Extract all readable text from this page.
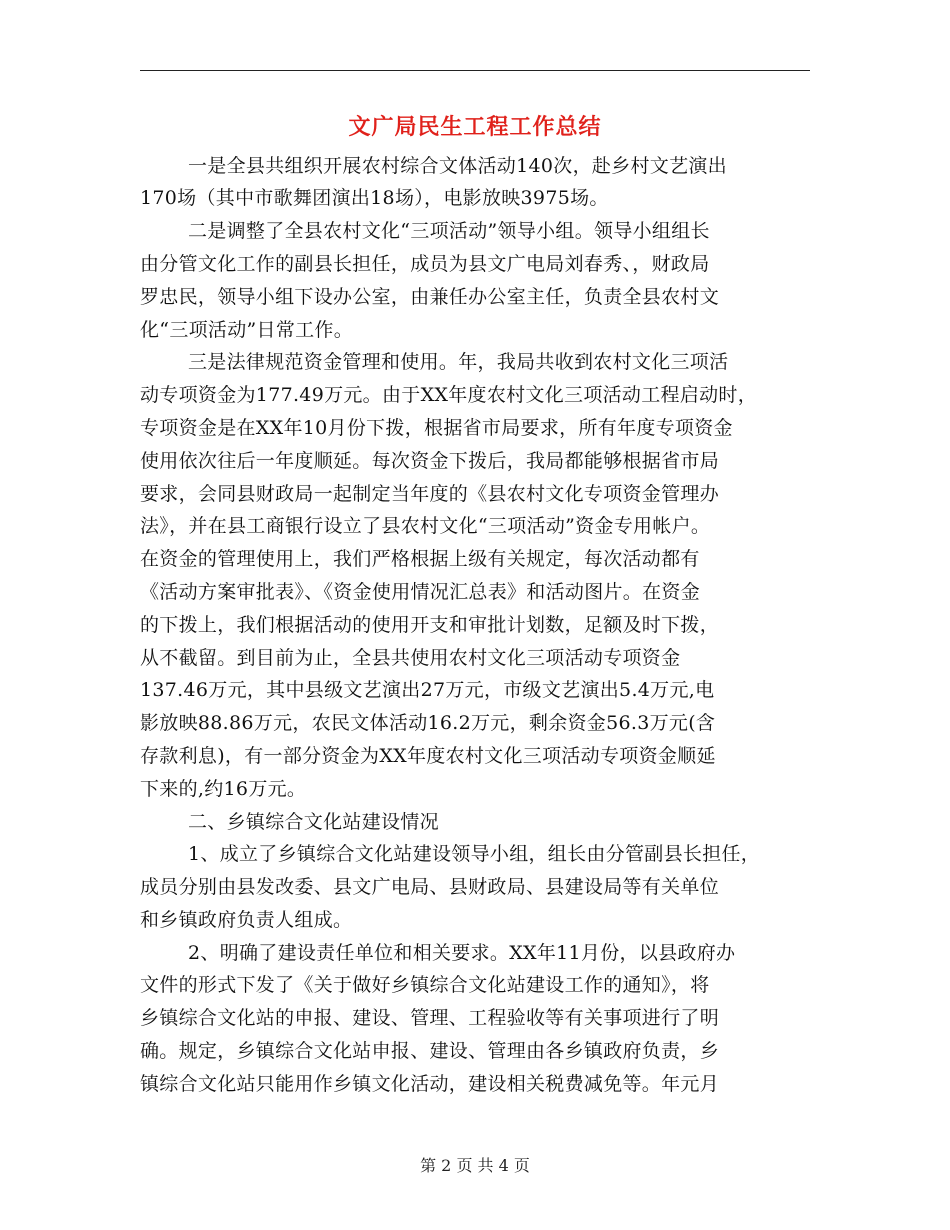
文广局民生工程工作总结
一是全县共组织开展农村综合文体活动140次，赴乡村文艺演出
170场（其中市歌舞团演出18场），电影放映3975场。
二是调整了全县农村文化“三项活动”领导小组。领导小组组长
由分管文化工作的副县长担任，成员为县文广电局刘春秀、，财政局
罗忠民，领导小组下设办公室，由兼任办公室主任，负责全县农村文
化“三项活动”日常工作。
三是法律规范资金管理和使用。年，我局共收到农村文化三项活
动专项资金为177.49万元。由于XX年度农村文化三项活动工程启动时，
专项资金是在XX年10月份下拨，根据省市局要求，所有年度专项资金
使用依次往后一年度顺延。每次资金下拨后，我局都能够根据省市局
要求，会同县财政局一起制定当年度的《县农村文化专项资金管理办
法》，并在县工商银行设立了县农村文化“三项活动”资金专用帐户。
在资金的管理使用上，我们严格根据上级有关规定，每次活动都有
《活动方案审批表》、《资金使用情况汇总表》和活动图片。在资金
的下拨上，我们根据活动的使用开支和审批计划数，足额及时下拨，
从不截留。到目前为止，全县共使用农村文化三项活动专项资金
137.46万元，其中县级文艺演出27万元，市级文艺演出5.4万元,电
影放映88.86万元，农民文体活动16.2万元，剩余资金56.3万元(含
存款利息)，有一部分资金为XX年度农村文化三项活动专项资金顺延
下来的,约16万元。
二、乡镇综合文化站建设情况
1、成立了乡镇综合文化站建设领导小组，组长由分管副县长担任，
成员分别由县发改委、县文广电局、县财政局、县建设局等有关单位
和乡镇政府负责人组成。
2、明确了建设责任单位和相关要求。XX年11月份，以县政府办
文件的形式下发了《关于做好乡镇综合文化站建设工作的通知》，将
乡镇综合文化站的申报、建设、管理、工程验收等有关事项进行了明
确。规定，乡镇综合文化站申报、建设、管理由各乡镇政府负责，乡
镇综合文化站只能用作乡镇文化活动，建设相关税费减免等。年元月
第 2 页 共 4 页
